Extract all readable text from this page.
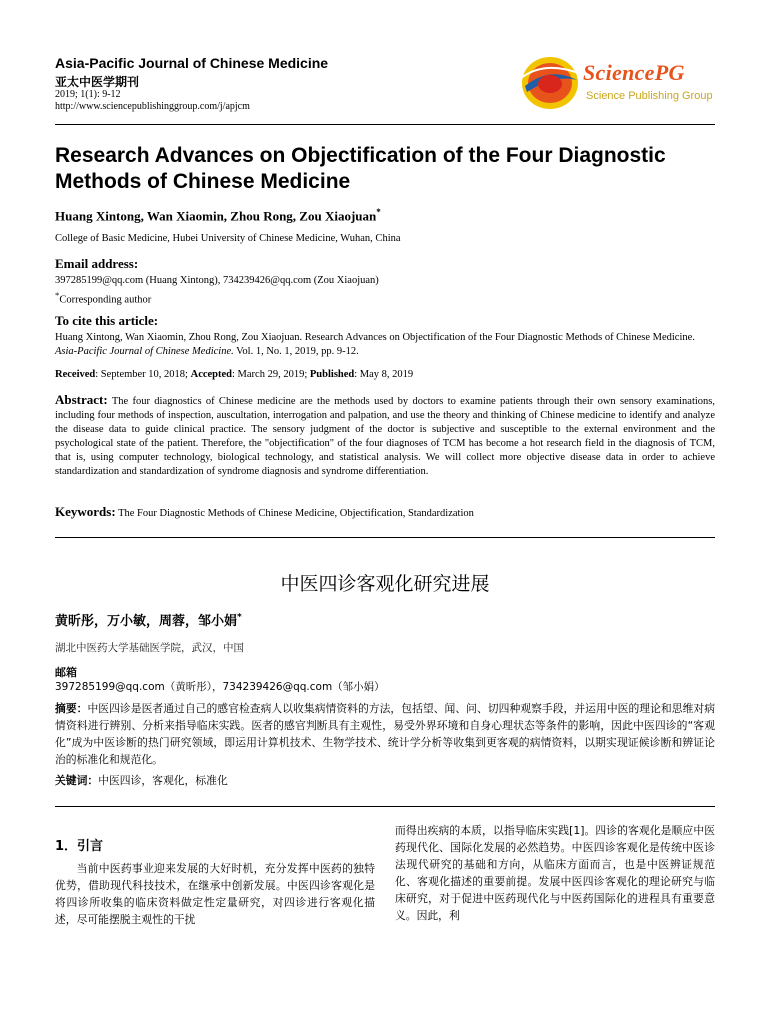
Asia-Pacific Journal of Chinese Medicine
亚太中医学期刊
2019; 1(1): 9-12
http://www.sciencepublishinggroup.com/j/apjcm
SciencePG
Science Publishing Group
Research Advances on Objectification of the Four Diagnostic Methods of Chinese Medicine
Huang Xintong, Wan Xiaomin, Zhou Rong, Zou Xiaojuan*
College of Basic Medicine, Hubei University of Chinese Medicine, Wuhan, China
Email address:
397285199@qq.com (Huang Xintong), 734239426@qq.com (Zou Xiaojuan)
*Corresponding author
To cite this article:
Huang Xintong, Wan Xiaomin, Zhou Rong, Zou Xiaojuan. Research Advances on Objectification of the Four Diagnostic Methods of Chinese Medicine. Asia-Pacific Journal of Chinese Medicine. Vol. 1, No. 1, 2019, pp. 9-12.
Received: September 10, 2018; Accepted: March 29, 2019; Published: May 8, 2019
Abstract: The four diagnostics of Chinese medicine are the methods used by doctors to examine patients through their own sensory examinations, including four methods of inspection, auscultation, interrogation and palpation, and use the theory and thinking of Chinese medicine to identify and analyze the disease data to guide clinical practice. The sensory judgment of the doctor is subjective and susceptible to the external environment and the psychological state of the patient. Therefore, the "objectification" of the four diagnoses of TCM has become a hot research field in the diagnosis of TCM, that is, using computer technology, biological technology, and statistical analysis. We will collect more objective disease data in order to achieve standardization and standardization of syndrome diagnosis and syndrome differentiation.
Keywords: The Four Diagnostic Methods of Chinese Medicine, Objectification, Standardization
中医四诊客观化研究进展
黄昕彤，万小敏，周蓉，邹小娟*
湖北中医药大学基础医学院，武汉，中国
邮箱
397285199@qq.com（黄昕彤），734239426@qq.com（邹小娟）
摘要：中医四诊是医者通过自己的感官检查病人以收集病情资料的方法，包括望、闻、问、切四种观察手段，并运用中医的理论和思维对病情资料进行辨别、分析来指导临床实践。医者的感官判断具有主观性，易受外界环境和自身心理状态等条件的影响，因此中医四诊的“客观化”成为中医诊断的热门研究领域，即运用计算机技术、生物学技术、统计学分析等收集到更客观的病情资料，以期实现证候诊断和辨证论治的标准化和规范化。
关键词：中医四诊，客观化，标准化
1．引言
当前中医药事业迎来发展的大好时机，充分发挥中医药的独特优势，借助现代科技技术，在继承中创新发展。中医四诊客观化是将四诊所收集的临床资料做定性定量研究，对四诊进行客观化描述，尽可能摆脱主观性的干扰
而得出疾病的本质，以指导临床实践[1]。四诊的客观化是顺应中医药现代化、国际化发展的必然趋势。中医四诊客观化是传统中医诊法现代研究的基础和方向，从临床方面而言，也是中医辨证规范化、客观化描述的重要前提。发展中医四诊客观化的理论研究与临床研究，对于促进中医药现代化与中医药国际化的进程具有重要意义。因此，利
